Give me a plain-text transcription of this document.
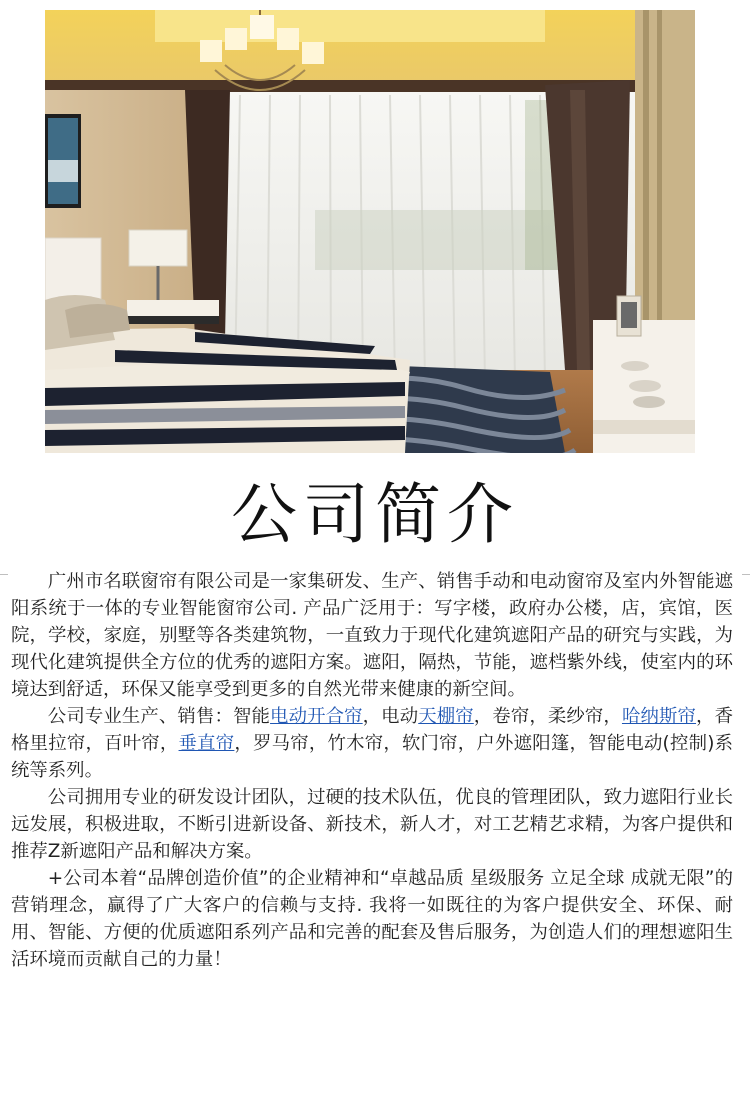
公司简介

广州市名联窗帘有限公司是一家集研发、生产、销售手动和电动窗帘及室内外智能遮阳系统于一体的专业智能窗帘公司. 产品广泛用于：写字楼，政府办公楼，店，宾馆，医院，学校，家庭，别墅等各类建筑物，一直致力于现代化建筑遮阳产品的研究与实践，为现代化建筑提供全方位的优秀的遮阳方案。遮阳，隔热，节能，遮档紫外线，使室内的环境达到舒适，环保又能享受到更多的自然光带来健康的新空间。

公司专业生产、销售：智能电动开合帘，电动天棚帘，卷帘，柔纱帘，哈纳斯帘，香格里拉帘，百叶帘，垂直帘，罗马帘，竹木帘，软门帘，户外遮阳篷，智能电动(控制)系统等系列。

公司拥用专业的研发设计团队，过硬的技术队伍，优良的管理团队，致力遮阳行业长远发展，积极进取，不断引进新设备、新技术，新人才，对工艺精艺求精，为客户提供和推荐Z新遮阳产品和解决方案。

+公司本着“品牌创造价值”的企业精神和“卓越品质 星级服务 立足全球 成就无限”的营销理念，赢得了广大客户的信赖与支持. 我将一如既往的为客户提供安全、环保、耐用、智能、方便的优质遮阳系列产品和完善的配套及售后服务，为创造人们的理想遮阳生活环境而贡献自己的力量！
